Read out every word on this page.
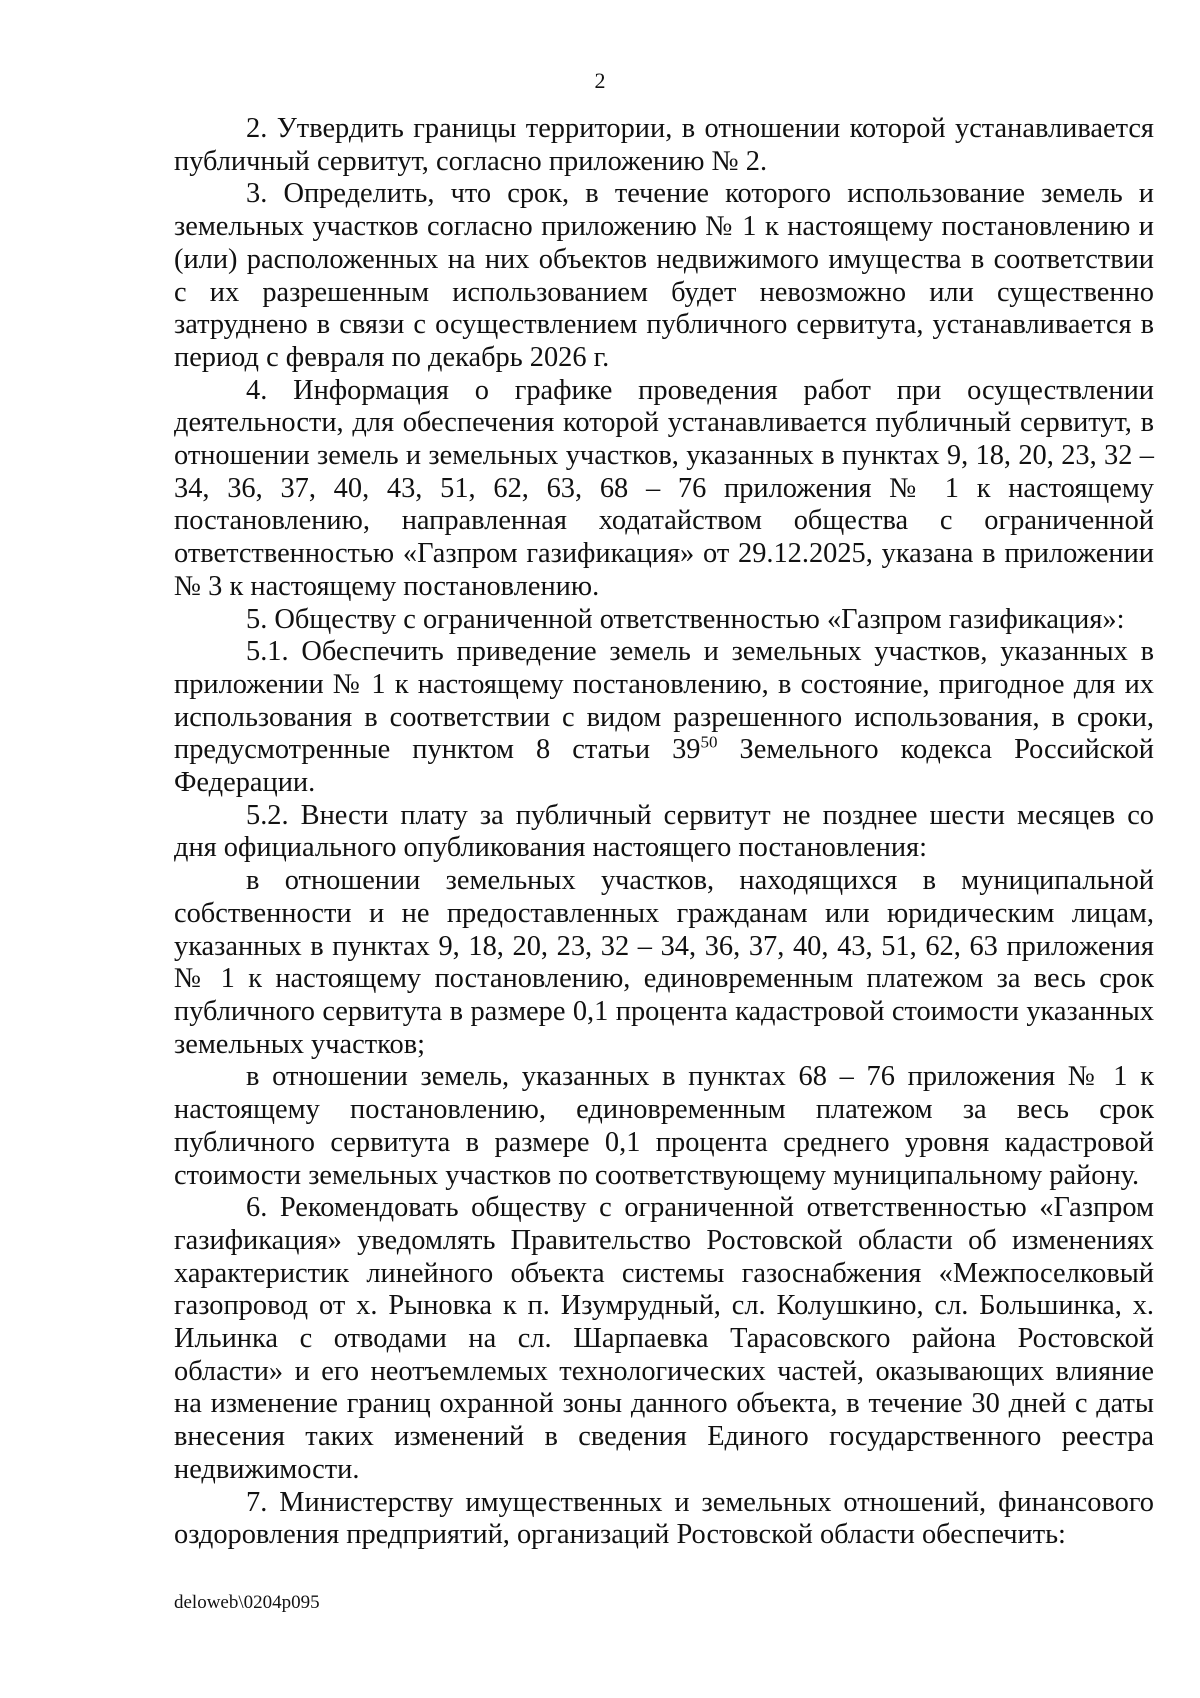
2

2. Утвердить границы территории, в отношении которой устанавливается публичный сервитут, согласно приложению № 2.

3. Определить, что срок, в течение которого использование земель и земельных участков согласно приложению № 1 к настоящему постановлению и (или) расположенных на них объектов недвижимого имущества в соответствии с их разрешенным использованием будет невозможно или существенно затруднено в связи с осуществлением публичного сервитута, устанавливается в период с февраля по декабрь 2026 г.

4. Информация о графике проведения работ при осуществлении деятельности, для обеспечения которой устанавливается публичный сервитут, в отношении земель и земельных участков, указанных в пунктах 9, 18, 20, 23, 32 – 34, 36, 37, 40, 43, 51, 62, 63, 68 – 76 приложения № 1 к настоящему постановлению, направленная ходатайством общества с ограниченной ответственностью «Газпром газификация» от 29.12.2025, указана в приложении № 3 к настоящему постановлению.

5. Обществу с ограниченной ответственностью «Газпром газификация»:

5.1. Обеспечить приведение земель и земельных участков, указанных в приложении № 1 к настоящему постановлению, в состояние, пригодное для их использования в соответствии с видом разрешенного использования, в сроки, предусмотренные пунктом 8 статьи $39^{50}$ Земельного кодекса Российской Федерации.

5.2. Внести плату за публичный сервитут не позднее шести месяцев со дня официального опубликования настоящего постановления:

в отношении земельных участков, находящихся в муниципальной собственности и не предоставленных гражданам или юридическим лицам, указанных в пунктах 9, 18, 20, 23, 32 – 34, 36, 37, 40, 43, 51, 62, 63 приложения № 1 к настоящему постановлению, единовременным платежом за весь срок публичного сервитута в размере 0,1 процента кадастровой стоимости указанных земельных участков;

в отношении земель, указанных в пунктах 68 – 76 приложения № 1 к настоящему постановлению, единовременным платежом за весь срок публичного сервитута в размере 0,1 процента среднего уровня кадастровой стоимости земельных участков по соответствующему муниципальному району.

6. Рекомендовать обществу с ограниченной ответственностью «Газпром газификация» уведомлять Правительство Ростовской области об изменениях характеристик линейного объекта системы газоснабжения «Межпоселковый газопровод от х. Рыновка к п. Изумрудный, сл. Колушкино, сл. Большинка, х. Ильинка с отводами на сл. Шарпаевка Тарасовского района Ростовской области» и его неотъемлемых технологических частей, оказывающих влияние на изменение границ охранной зоны данного объекта, в течение 30 дней с даты внесения таких изменений в сведения Единого государственного реестра недвижимости.

7. Министерству имущественных и земельных отношений, финансового оздоровления предприятий, организаций Ростовской области обеспечить:

deloweb\0204p095
